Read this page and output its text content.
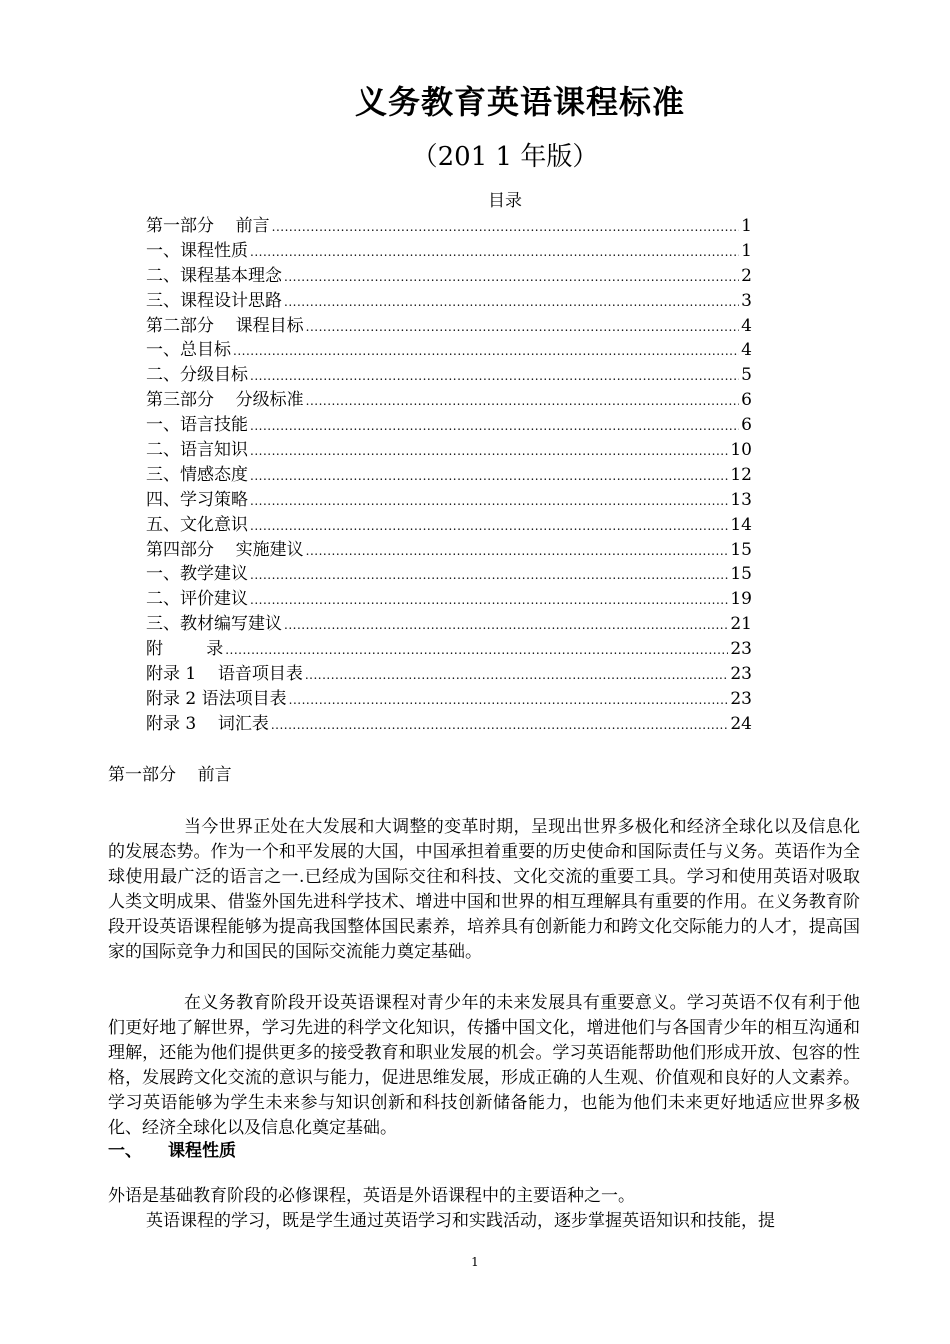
义务教育英语课程标准
（201 1 年版）
目录
第一部分    前言 .....	1
一、课程性质 .....	1
二、课程基本理念 .....	2
三、课程设计思路 .....	3
第二部分    课程目标 .....	4
一、总目标 .....	4
二、分级目标 .....	5
第三部分    分级标准 .....	6
一、语言技能 .....	6
二、语言知识 .....	10
三、情感态度 .....	12
四、学习策略 .....	13
五、文化意识 .....	14
第四部分    实施建议 .....	15
一、教学建议 .....	15
二、评价建议 .....	19
三、教材编写建议 .....	21
附        录 .....	23
附录 1    语音项目表 .....	23
附录 2 语法项目表 .....	23
附录 3    词汇表 .....	24
第一部分    前言

当今世界正处在大发展和大调整的变革时期，呈现出世界多极化和经济全球化以及信息化的发展态势。作为一个和平发展的大国，中国承担着重要的历史使命和国际责任与义务。英语作为全球使用最广泛的语言之一.已经成为国际交往和科技、文化交流的重要工具。学习和使用英语对吸取人类文明成果、借鉴外国先进科学技术、增进中国和世界的相互理解具有重要的作用。在义务教育阶段开设英语课程能够为提高我国整体国民素养，培养具有创新能力和跨文化交际能力的人才，提高国家的国际竞争力和国民的国际交流能力奠定基础。

在义务教育阶段开设英语课程对青少年的未来发展具有重要意义。学习英语不仅有利于他们更好地了解世界，学习先进的科学文化知识，传播中国文化，增进他们与各国青少年的相互沟通和理解，还能为他们提供更多的接受教育和职业发展的机会。学习英语能帮助他们形成开放、包容的性格，发展跨文化交流的意识与能力，促进思维发展，形成正确的人生观、价值观和良好的人文素养。学习英语能够为学生未来参与知识创新和科技创新储备能力，也能为他们未来更好地适应世界多极化、经济全球化以及信息化奠定基础。

一、 课程性质
外语是基础教育阶段的必修课程，英语是外语课程中的主要语种之一。
英语课程的学习，既是学生通过英语学习和实践活动，逐步掌握英语知识和技能，提
1
